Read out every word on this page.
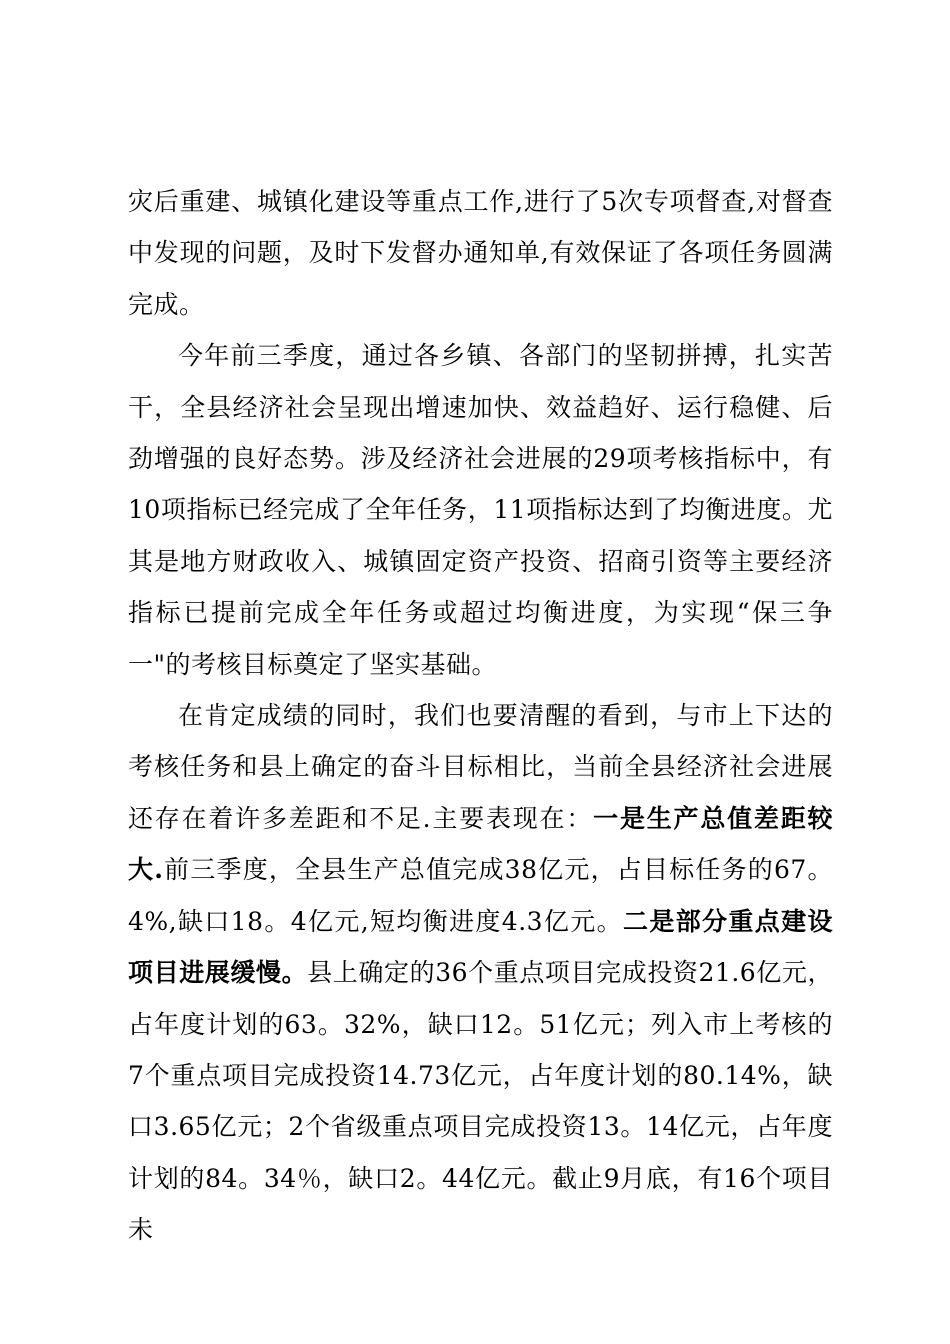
灾后重建、城镇化建设等重点工作,进行了5次专项督查,对督查中发现的问题，及时下发督办通知单,有效保证了各项任务圆满完成。

今年前三季度，通过各乡镇、各部门的坚韧拼搏，扎实苦干，全县经济社会呈现出增速加快、效益趋好、运行稳健、后劲增强的良好态势。涉及经济社会进展的29项考核指标中，有10项指标已经完成了全年任务，11项指标达到了均衡进度。尤其是地方财政收入、城镇固定资产投资、招商引资等主要经济指标已提前完成全年任务或超过均衡进度，为实现“保三争一"的考核目标奠定了坚实基础。

在肯定成绩的同时，我们也要清醒的看到，与市上下达的考核任务和县上确定的奋斗目标相比，当前全县经济社会进展还存在着许多差距和不足.主要表现在：一是生产总值差距较大.前三季度，全县生产总值完成38亿元，占目标任务的67。4%,缺口18。4亿元,短均衡进度4.3亿元。二是部分重点建设项目进展缓慢。县上确定的36个重点项目完成投资21.6亿元，占年度计划的63。32%，缺口12。51亿元；列入市上考核的7个重点项目完成投资14.73亿元，占年度计划的80.14%，缺口3.65亿元；2个省级重点项目完成投资13。14亿元，占年度计划的84。34％，缺口2。44亿元。截止9月底，有16个项目未
